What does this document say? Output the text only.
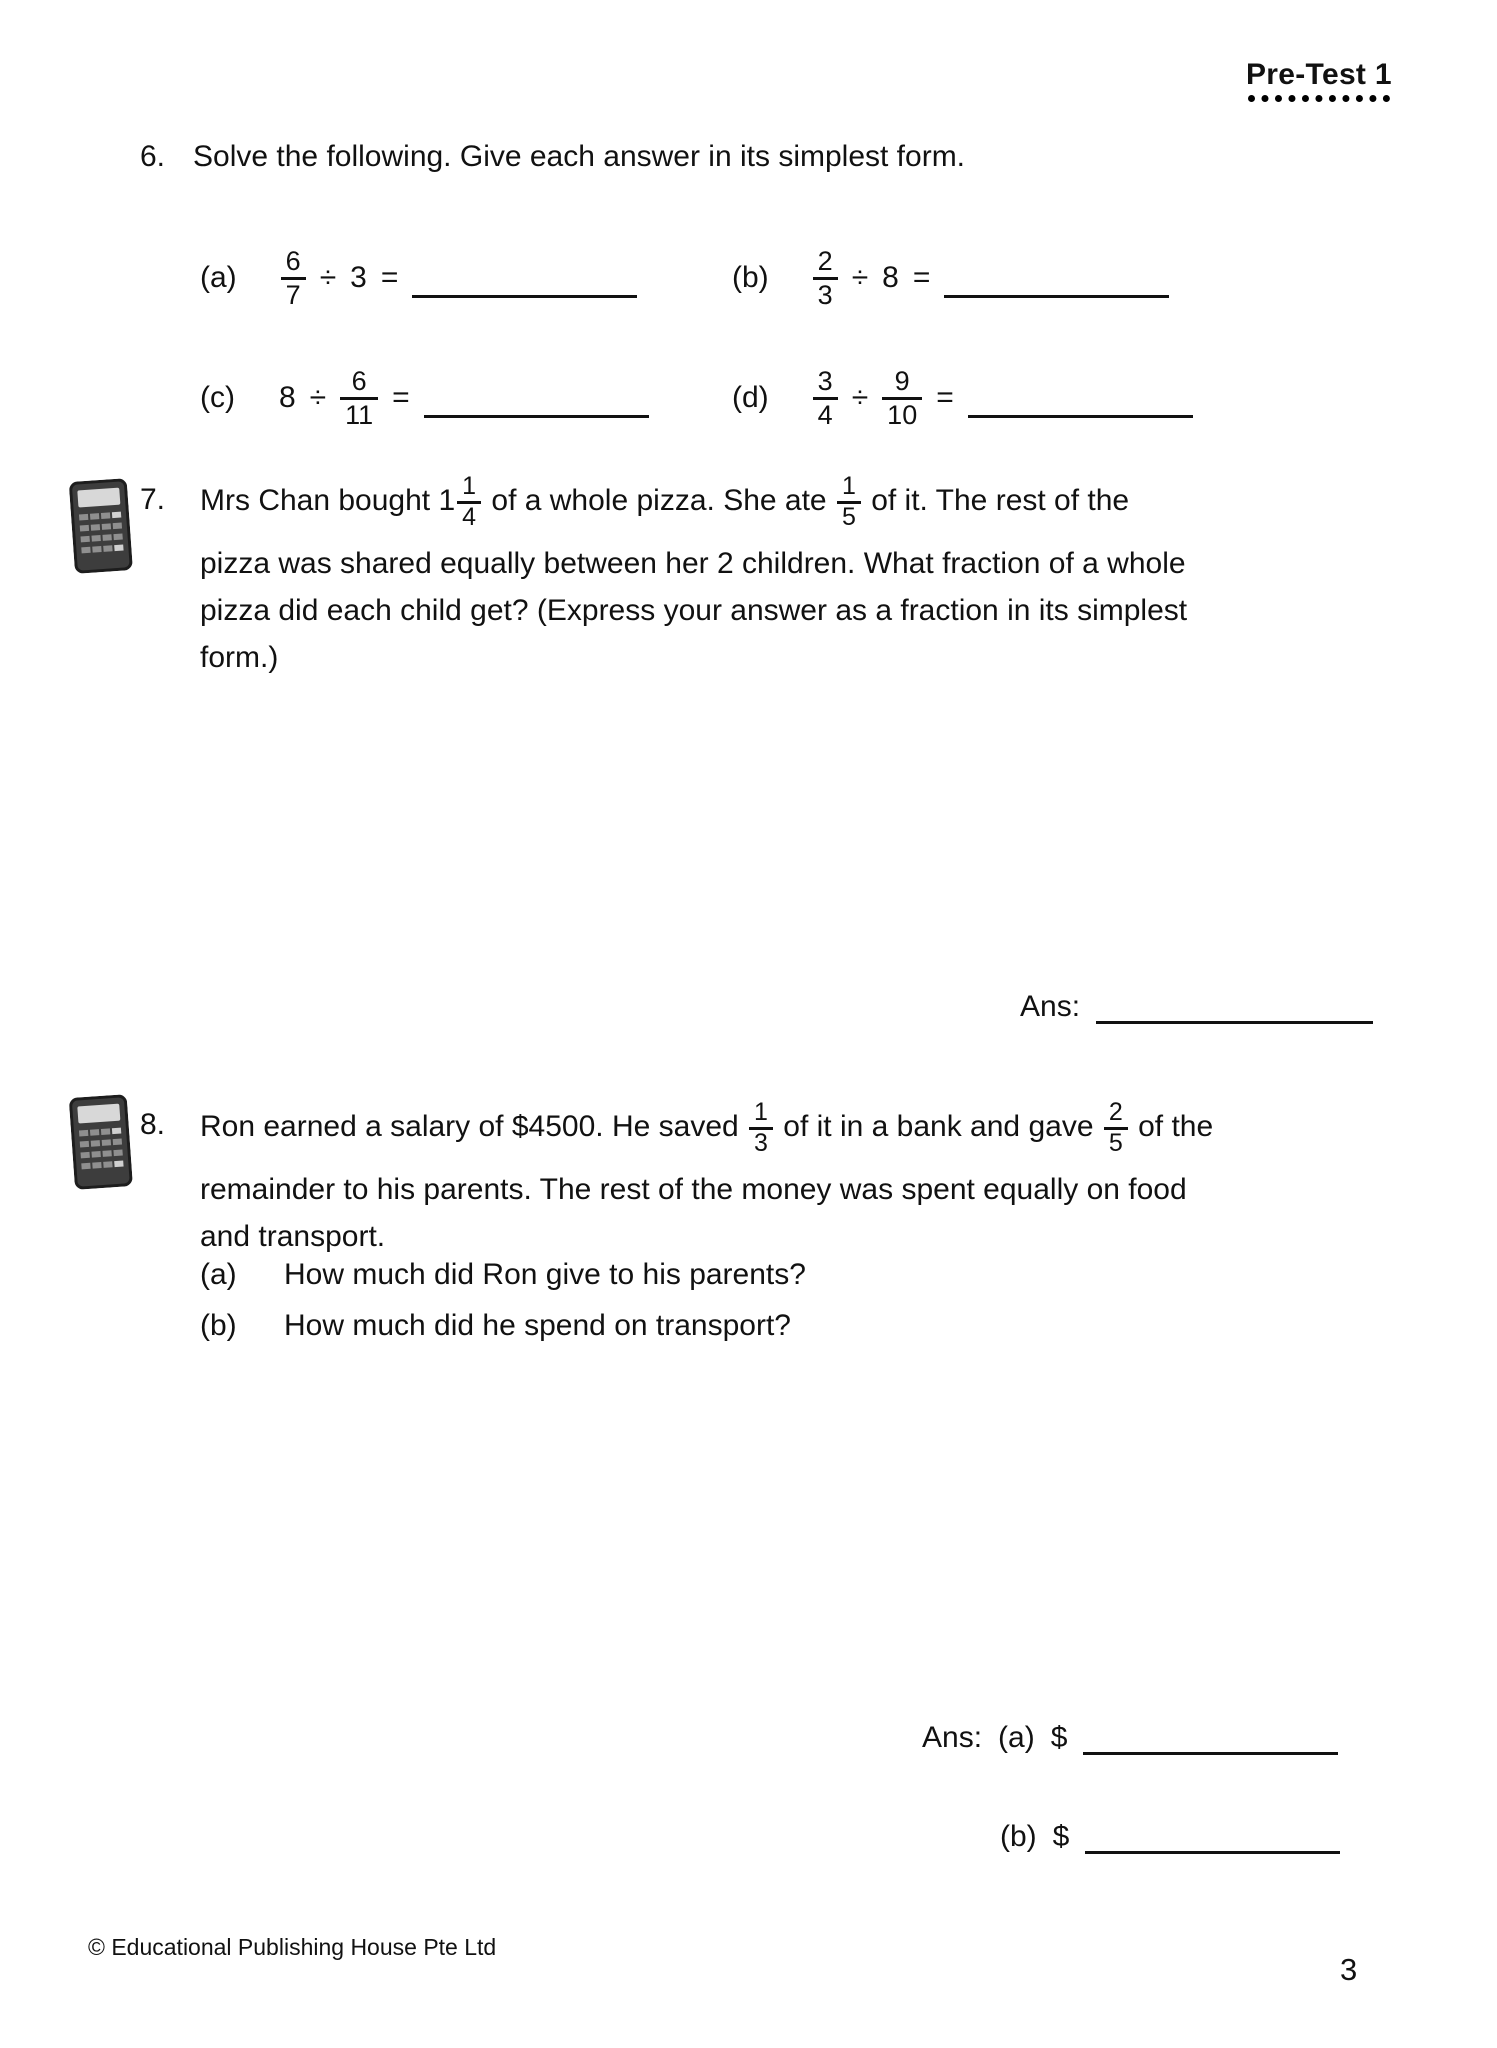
Pre-Test 1
6. Solve the following. Give each answer in its simplest form.
$(a) \frac{6}{7} \div 3$ =	$(b) \frac{2}{3} \div 8$ =
(c) $8 \div \frac{6}{11}$ =	$(d) \frac{3}{4} \div \frac{9}{10}$ =
7. Mrs Chan bought $1 \frac{1}{4}$ of a whole pizza. She ate $\frac{1}{5}$ of it. The rest of the
pizza was shared equally between her 2 children. What fraction of a whole
pizza did each child get? (Express your answer as a fraction in its simplest
form.)
Ans:
8. Ron earned a salary of $4500. He saved $\frac{1}{3}$ of it in a bank and gave $\frac{2}{5}$ of the
remainder to his parents. The rest of the money was spent equally on food
and transport.
(a)	How much did Ron give to his parents?
(b)	How much did he spend on transport?
Ans: (a) $
(b) $
© Educational Publishing House Pte Ltd
3
